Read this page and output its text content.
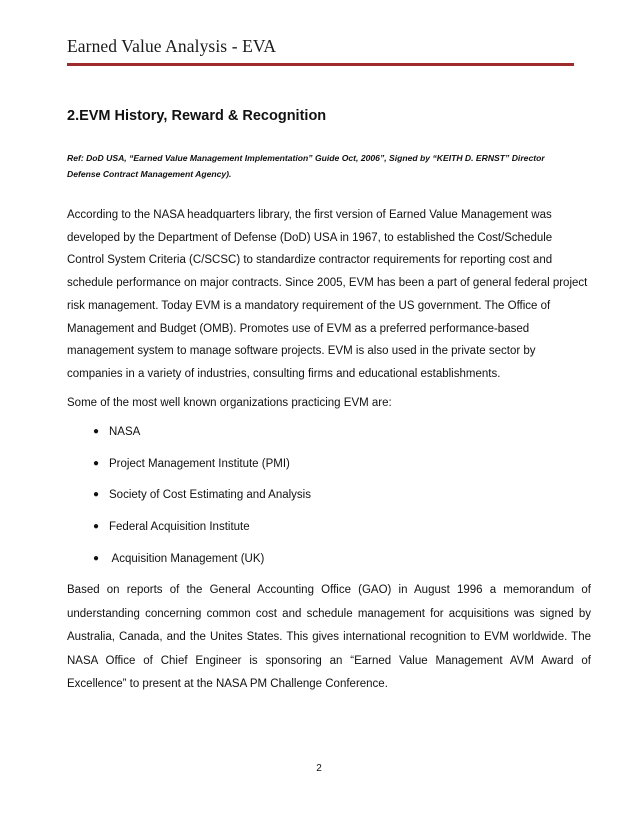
Earned Value Analysis - EVA
2.EVM History, Reward & Recognition
Ref: DoD USA, “Earned Value Management Implementation” Guide Oct, 2006”, Signed by “KEITH D. ERNST” Director
Defense Contract Management Agency).
According to the NASA headquarters library, the first version of Earned Value Management was
developed by the Department of Defense (DoD) USA in 1967, to established the Cost/Schedule
Control System Criteria (C/SCSC) to standardize contractor requirements for reporting cost and
schedule performance on major contracts. Since 2005, EVM has been a part of general federal project
risk management. Today EVM is a mandatory requirement of the US government. The Office of
Management and Budget (OMB). Promotes use of EVM as a preferred performance-based
management system to manage software projects. EVM is also used in the private sector by
companies in a variety of industries, consulting firms and educational establishments.
Some of the most well known organizations practicing EVM are:
● NASA
● Project Management Institute (PMI)
● Society of Cost Estimating and Analysis
● Federal Acquisition Institute
● Acquisition Management (UK)
Based on reports of the General Accounting Office (GAO) in August 1996 a memorandum of
understanding concerning common cost and schedule management for acquisitions was signed by
Australia, Canada, and the Unites States. This gives international recognition to EVM worldwide. The
NASA Office of Chief Engineer is sponsoring an “Earned Value Management AVM Award of
Excellence” to present at the NASA PM Challenge Conference.
2
